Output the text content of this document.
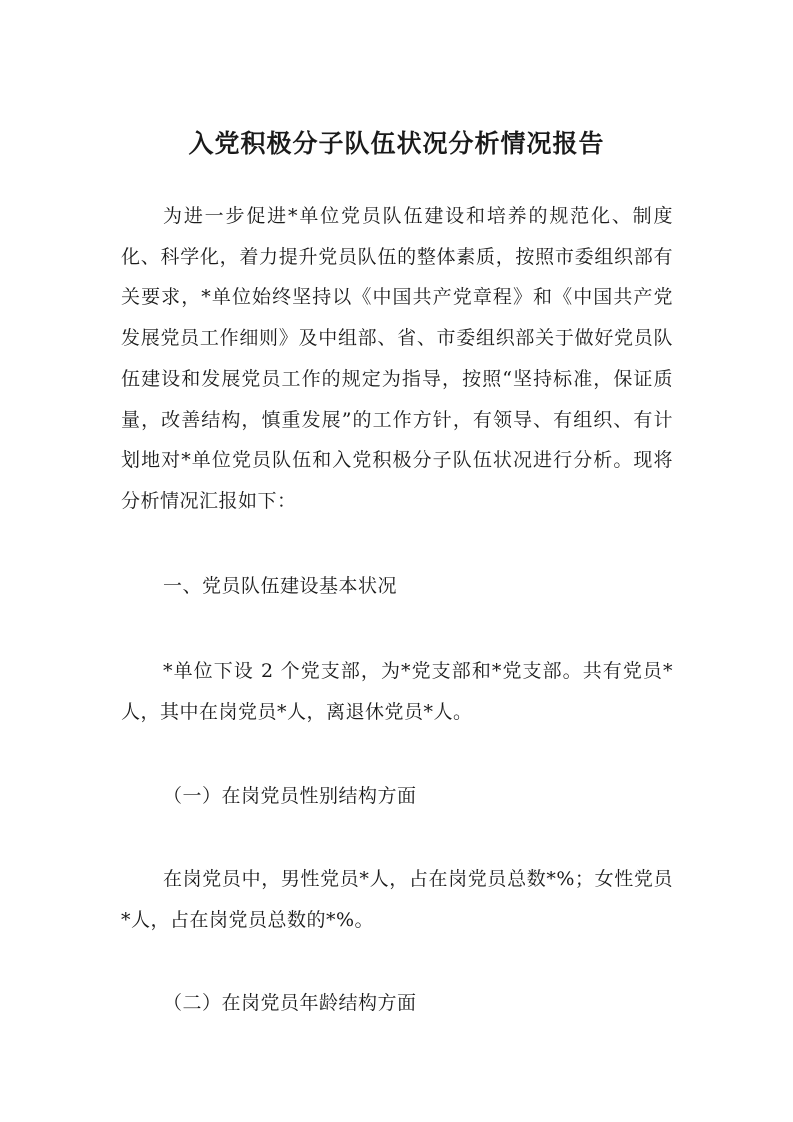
入党积极分子队伍状况分析情况报告

为进一步促进*单位党员队伍建设和培养的规范化、制度化、科学化，着力提升党员队伍的整体素质，按照市委组织部有关要求，*单位始终坚持以《中国共产党章程》和《中国共产党发展党员工作细则》及中组部、省、市委组织部关于做好党员队伍建设和发展党员工作的规定为指导，按照“坚持标准，保证质量，改善结构，慎重发展”的工作方针，有领导、有组织、有计划地对*单位党员队伍和入党积极分子队伍状况进行分析。现将分析情况汇报如下：

一、党员队伍建设基本状况

*单位下设 2 个党支部，为*党支部和*党支部。共有党员*人，其中在岗党员*人，离退休党员*人。

（一）在岗党员性别结构方面

在岗党员中，男性党员*人，占在岗党员总数*%；女性党员*人，占在岗党员总数的*%。

（二）在岗党员年龄结构方面
